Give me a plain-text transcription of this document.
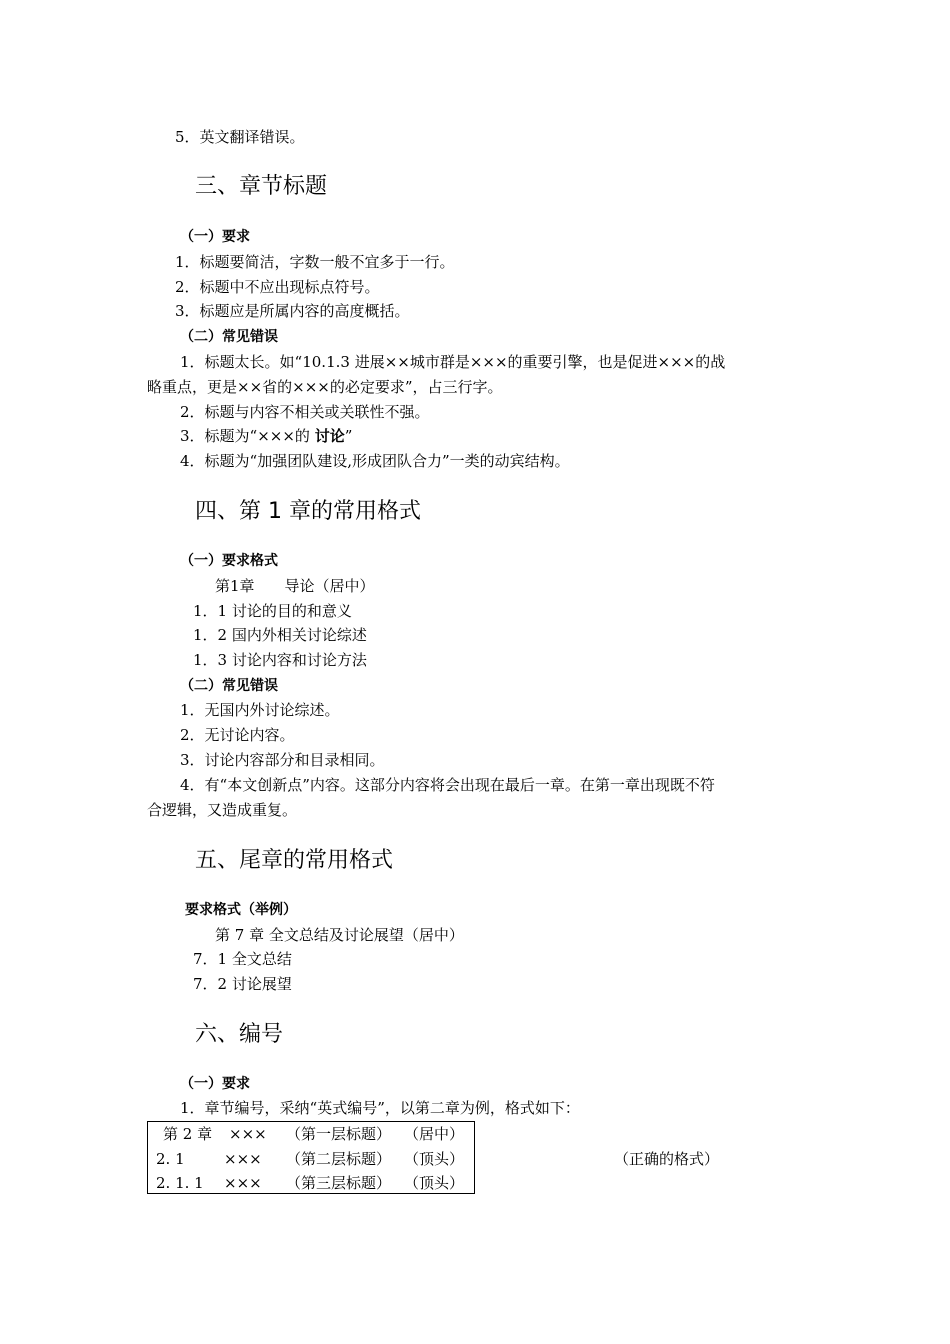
5．英文翻译错误。
三、章节标题
（一）要求
1．标题要简洁，字数一般不宜多于一行。
2．标题中不应出现标点符号。
3．标题应是所属内容的高度概括。
（二）常见错误
1．标题太长。如“10.1.3 进展××城市群是×××的重要引擎，也是促进×××的战
略重点，更是××省的×××的必定要求”，占三行字。
2．标题与内容不相关或关联性不强。
3．标题为“×××的 讨论”
4．标题为“加强团队建设,形成团队合力”一类的动宾结构。
四、第 1 章的常用格式
（一）要求格式
第1章　　导论（居中）
1．1 讨论的目的和意义
1．2 国内外相关讨论综述
1．3 讨论内容和讨论方法
（二）常见错误
1．无国内外讨论综述。
2．无讨论内容。
3．讨论内容部分和目录相同。
4．有“本文创新点”内容。这部分内容将会出现在最后一章。在第一章出现既不符
合逻辑，又造成重复。
五、尾章的常用格式
要求格式（举例）
第 7 章 全文总结及讨论展望（居中）
7．1 全文总结
7．2 讨论展望
六、编号
（一）要求
1．章节编号，采纳“英式编号”，以第二章为例，格式如下：
第 2 章 ××× （第一层标题） （居中）
2. 1	××× （第二层标题） （顶头）
2. 1. 1 ××× （第三层标题） （顶头）
（正确的格式）
